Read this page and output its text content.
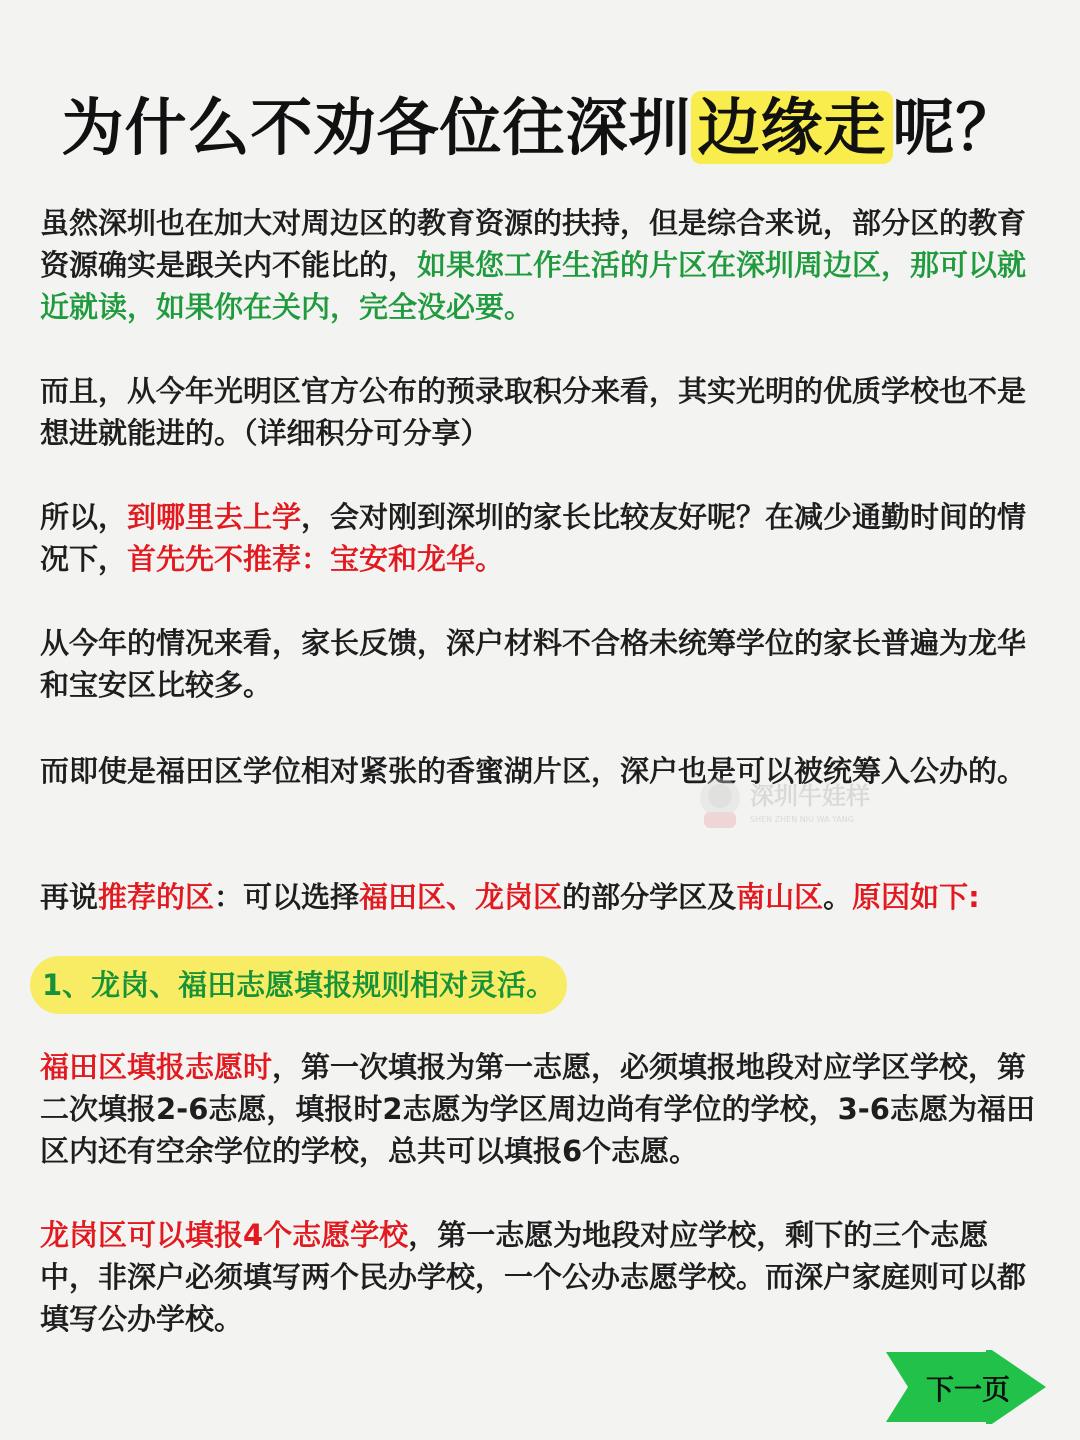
为什么不劝各位往深圳边缘走呢？
虽然深圳也在加大对周边区的教育资源的扶持，但是综合来说，部分区的教育资源确实是跟关内不能比的，如果您工作生活的片区在深圳周边区，那可以就近就读，如果你在关内，完全没必要。
而且，从今年光明区官方公布的预录取积分来看，其实光明的优质学校也不是想进就能进的。（详细积分可分享）
所以，到哪里去上学，会对刚到深圳的家长比较友好呢？在减少通勤时间的情况下，首先先不推荐：宝安和龙华。
从今年的情况来看，家长反馈，深户材料不合格未统筹学位的家长普遍为龙华和宝安区比较多。
而即使是福田区学位相对紧张的香蜜湖片区，深户也是可以被统筹入公办的。
再说推荐的区：可以选择福田区、龙岗区的部分学区及南山区。原因如下:
1、龙岗、福田志愿填报规则相对灵活。
福田区填报志愿时，第一次填报为第一志愿，必须填报地段对应学区学校，第二次填报2-6志愿，填报时2志愿为学区周边尚有学位的学校，3-6志愿为福田区内还有空余学位的学校，总共可以填报6个志愿。
龙岗区可以填报4个志愿学校，第一志愿为地段对应学校，剩下的三个志愿中，非深户必须填写两个民办学校，一个公办志愿学校。而深户家庭则可以都填写公办学校。
深圳牛娃样
SHEN ZHEN NIU WA YANG
下一页
